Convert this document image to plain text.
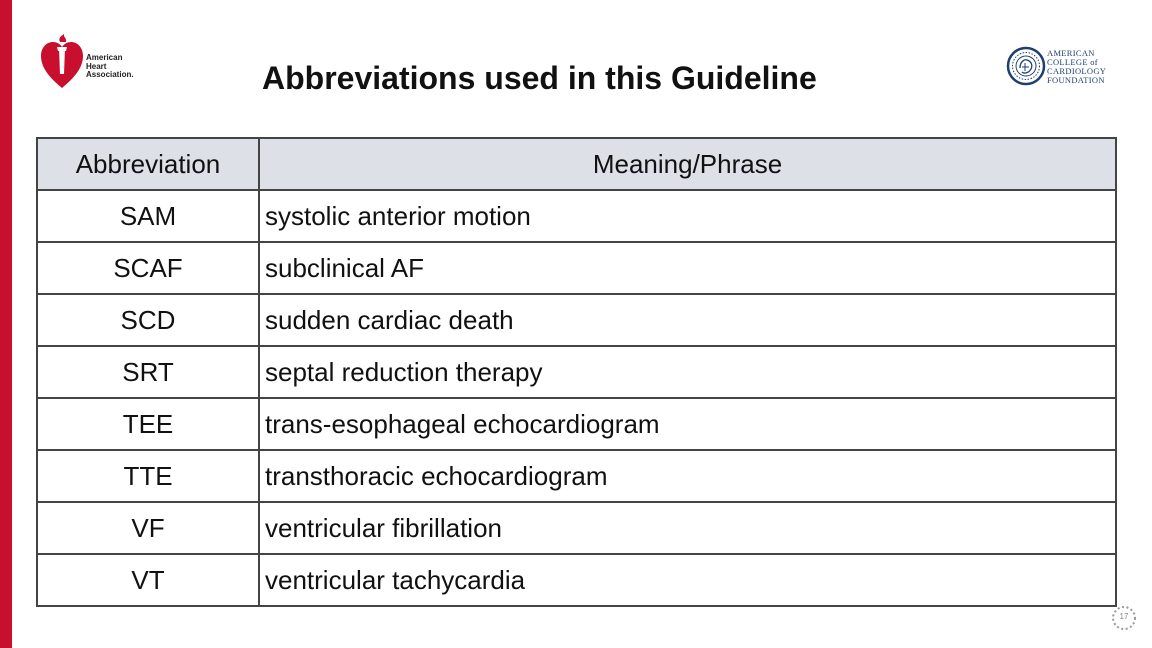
American
Heart
Association.	Abbreviations used in this Guideline
AMERICAN
COLLEGE of
CARDIOLOGY
FOUNDATION
Abbreviation	Meaning/Phrase
SAM	systolic anterior motion
SCAF	subclinical AF
SCD	sudden cardiac death
SRT	septal reduction therapy
TEE	trans-esophageal echocardiogram
TTE	transthoracic echocardiogram
VF	ventricular fibrillation
VT	ventricular tachycardia
17
